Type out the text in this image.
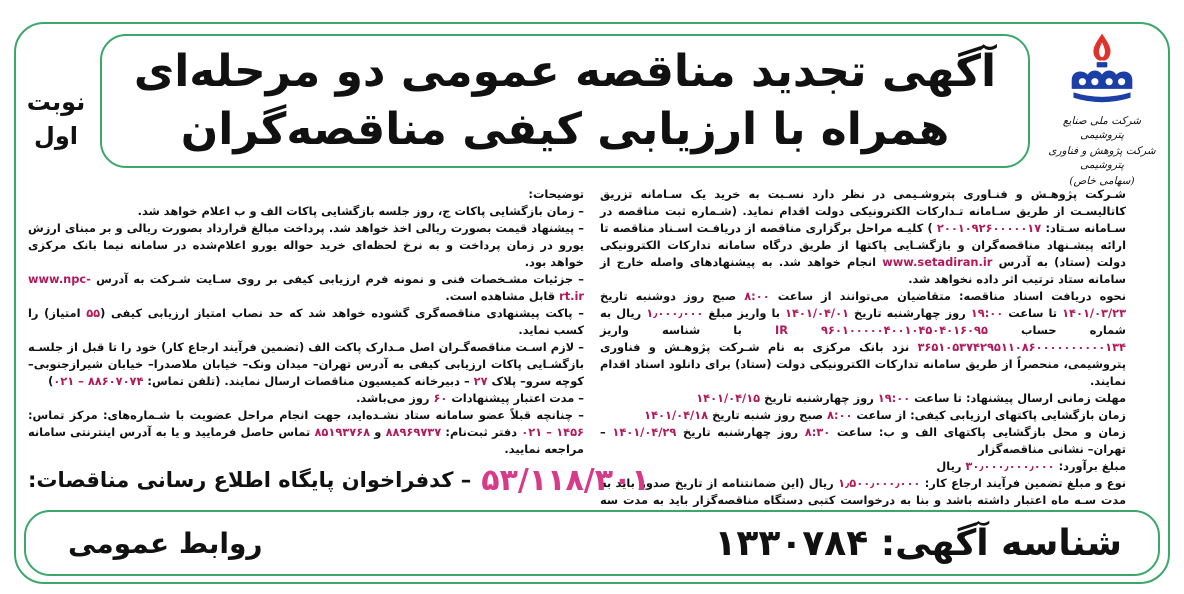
آگهی تجدید مناقصه عمومی دو مرحله‌ای
همراه با ارزیابی کیفی مناقصه‌گران	شرکت ملی صنایع پتروشیمی
شرکت پژوهش و فناوری پتروشیمی
(سهامی خاص)
نوبت
اول

شـرکت پژوهـش و فنـاوری پتروشـیمی در نظر دارد نسـبت به خرید یک سـامانه تزریق کاتالیسـت از طریق سـامانه تـدارکات الکترونیکی دولت اقدام نماید. (شـماره ثبت مناقصه در سـامانه سـتاد: ۲۰۰۱۰۹۲۶۰۰۰۰۰۱۷ ) کلیـه مراحل برگزاری مناقصه از دریافـت اسـناد مناقصه تا ارائه پیشـنهاد مناقصه‌گران و بازگشـایی پاکتها از طریق درگاه سامانه تدارکات الکترونیکی دولت (ستاد) به آدرس www.setadiran.ir انجام خواهد شد. به پیشنهادهای واصله خارج از سامانه ستاد ترتیب اثر داده نخواهد شد.

نحوه دریافت اسناد مناقصه: متقاضیان می‌توانند از ساعت ۸:۰۰ صبح روز دوشنبه تاریخ ۱۴۰۱/۰۳/۲۳ تا ساعت ۱۹:۰۰ روز چهارشنبه تاریخ ۱۴۰۱/۰۴/۰۱ با واریز مبلغ ۱٫۰۰۰٫۰۰۰ ریال به شماره حساب IR ۹۶۰۱۰۰۰۰۰۴۰۰۱۰۴۵۰۴۰۱۶۰۹۵ با شناسه واریز ۳۶۵۱۰۵۳۷۴۲۹۵۱۱۰۸۶۰۰۰۰۰۰۰۰۰۰۱۳۴ نزد بانک مرکزی به نام شـرکت پژوهـش و فناوری پتروشیمی، منحصراً از طریق سامانه تدارکات الکترونیکی دولت (ستاد) برای دانلود اسناد اقدام نمایند.

مهلت زمانی ارسال پیشنهاد: تا ساعت ۱۹:۰۰ روز چهارشنبه تاریخ ۱۴۰۱/۰۴/۱۵

زمان بازگشایی پاکتهای ارزیابی کیفی: از ساعت ۸:۰۰ صبح روز شنبه تاریخ ۱۴۰۱/۰۴/۱۸

زمان و محل بازگشایی پاکتهای الف و ب: ساعت ۸:۳۰ روز چهارشنبه تاریخ ۱۴۰۱/۰۴/۲۹ – تهران– نشانی مناقصه‌گزار

مبلغ برآورد: ۳۰٫۰۰۰٫۰۰۰٫۰۰۰ ریال

نوع و مبلغ تضمین فرآیند ارجاع کار: ۱٫۵۰۰٫۰۰۰٫۰۰۰ ریال (این ضمانتنامه از تاریخ صدور باید به مدت سـه ماه اعتبار داشته باشد و بنا به درخواست کتبی دستگاه مناقصه‌گزار باید به مدت سه

توضیحات:

– زمان بازگشایی پاکات ج، روز جلسه بازگشایی پاکات الف و ب اعلام خواهد شد.

– پیشنهاد قیمت بصورت ریالی اخذ خواهد شد. پرداخت مبالغ قرارداد بصورت ریالی و بر مبنای ارزش یورو در زمان پرداخت و به نرخ لحظه‌ای خرید حواله یورو اعلام‌شده در سامانه نیما بانک مرکزی خواهد بود.

– جزئیات مشـخصات فنی و نمونه فرم ارزیابی کیفی بر روی سـایت شـرکت به آدرس www.npc-rt.ir قابل مشاهده است.

– پاکت پیشنهادی مناقصه‌گری گشوده خواهد شد که حد نصاب امتیاز ارزیابی کیفی (۵۵ امتیاز) را کسب نماید.

– لازم اسـت مناقصه‌گـران اصل مـدارک پاکت الف (تضمین فرآیند ارجاع کار) خود را تا قبل از جلسـه بازگشـایی پاکات ارزیابی کیفی به آدرس تهران– میدان ونک– خیابان ملاصدرا– خیابان شیرازجنوبی– کوچه سرو– پلاک ۲۷ – دبیرخانه کمیسیون مناقصات ارسال نمایند. (تلفن تماس: ۸۸۶۰۷۰۷۴ – ۰۲۱)

– مدت اعتبار پیشنهادات ۶۰ روز می‌باشد.

– چنانچه قبلاً عضو سامانه ستاد نشـده‌اید، جهت انجام مراحل عضویت با شـماره‌های: مرکز تماس: ۱۴۵۶ – ۰۲۱ دفتر ثبت‌نام: ۸۸۹۶۹۷۳۷ و ۸۵۱۹۳۷۶۸ تماس حاصل فرمایید و یا به آدرس اینترنتی سامانه مراجعه نمایید.

– کدفراخوان پایگاه اطلاع رسانی مناقصات: ۵۳/۱۱۸/۳۰۱
شناسه آگهی: ۱۳۳۰۷۸۴
روابط عمومی
